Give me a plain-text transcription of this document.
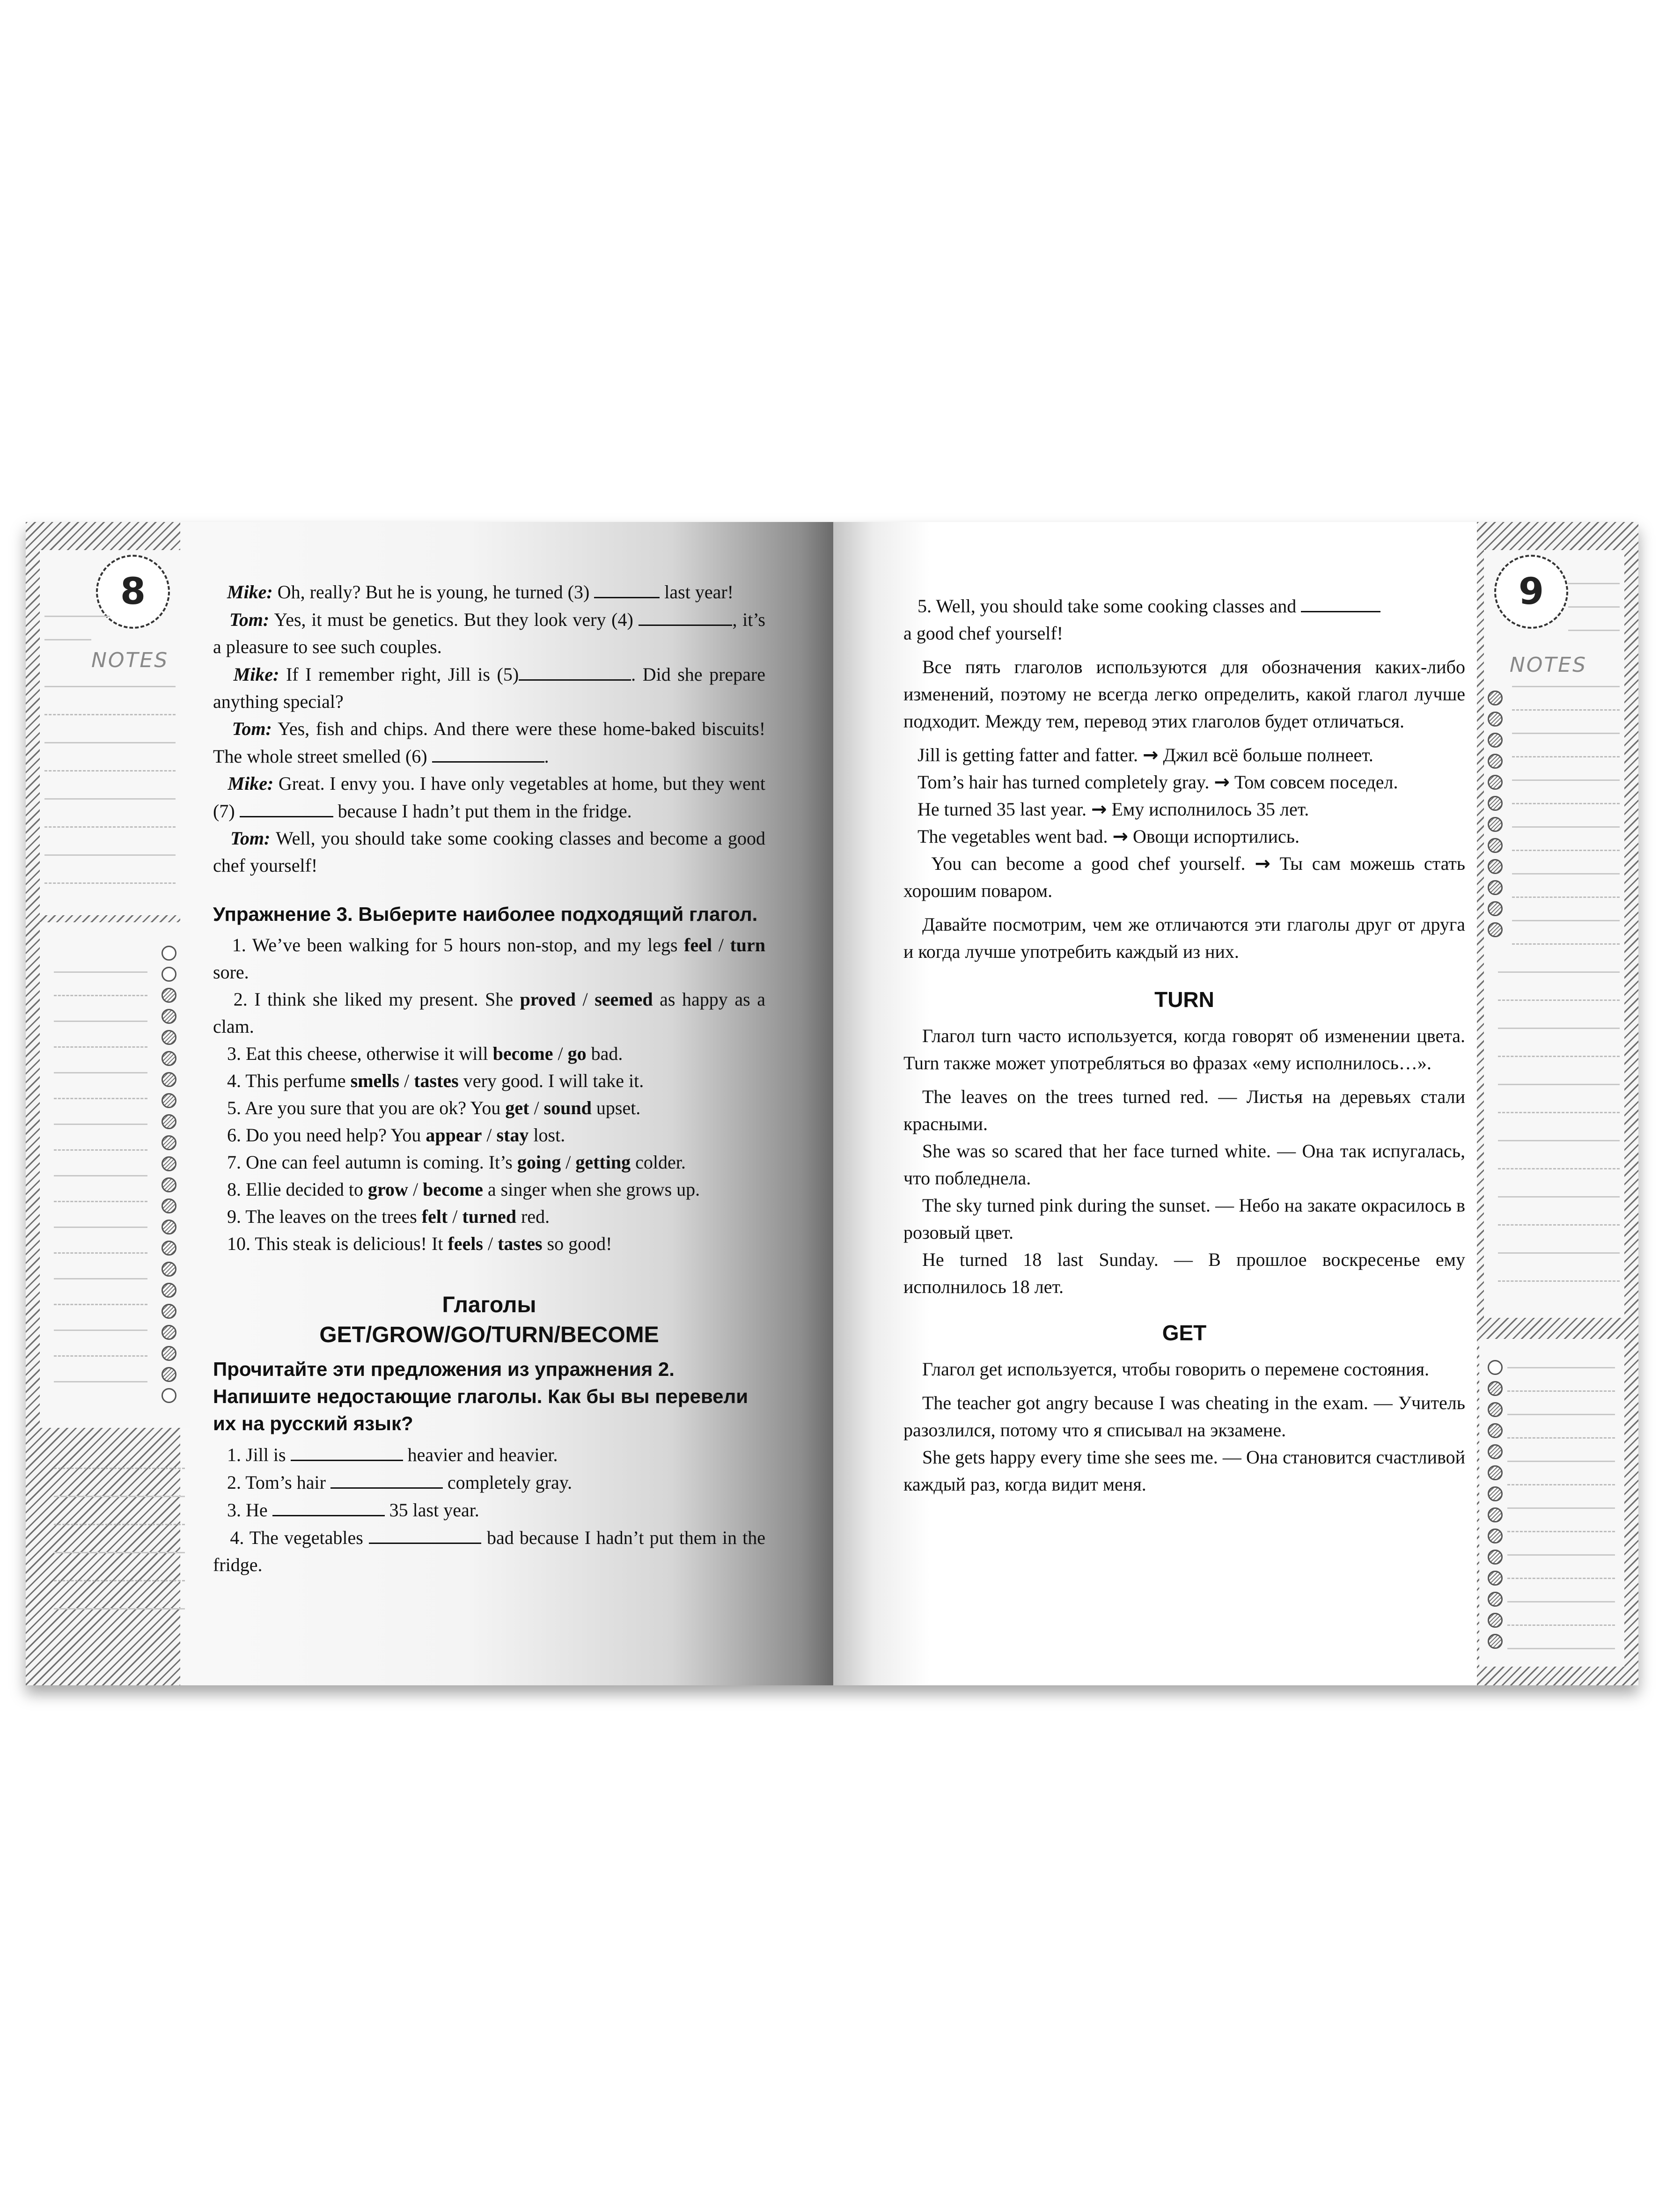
8
NOTES

Mike: Oh, really? But he is young, he turned (3)	last year!

Tom: Yes, it must be genetics. But they look very (4)	, it’s a pleasure to see such couples.

Mike: If I remember right, Jill is (5)	. Did she prepare anything special?

Tom: Yes, fish and chips. And there were these home-baked biscuits! The whole street smelled (6)	.

Mike: Great. I envy you. I have only vegetables at home, but they went (7)	because I hadn’t put them in the fridge.

Tom: Well, you should take some cooking classes and become a good chef yourself!

Упражнение 3. Выберите наиболее подходящий глагол.

1. We’ve been walking for 5 hours non-stop, and my legs feel / turn sore.

2. I think she liked my present. She proved / seemed as happy as a clam.

3. Eat this cheese, otherwise it will become / go bad.

4. This perfume smells / tastes very good. I will take it.

5. Are you sure that you are ok? You get / sound upset.

6. Do you need help? You appear / stay lost.

7. One can feel autumn is coming. It’s going / getting colder.

8. Ellie decided to grow / become a singer when she grows up.

9. The leaves on the trees felt / turned red.

10. This steak is delicious! It feels / tastes so good!

Глаголы
GET/GROW/GO/TURN/BECOME
Прочитайте эти предложения из упражнения 2. Напишите недостающие глаголы. Как бы вы перевели их на русский язык?

1. Jill is	heavier and heavier.

2. Tom’s hair	completely gray.

3. He	35 last year.

4. The vegetables	bad because I hadn’t put them in the fridge.

9
NOTES

5. Well, you should take some cooking classes and

a good chef yourself!

Все пять глаголов используются для обозначения каких-либо изменений, поэтому не всегда легко определить, какой глагол лучше подходит. Между тем, перевод этих глаголов будет отличаться.

Jill is getting fatter and fatter. → Джил всё больше полнеет.

Tom’s hair has turned completely gray. → Том совсем поседел.

He turned 35 last year. → Ему исполнилось 35 лет.

The vegetables went bad. → Овощи испортились.

You can become a good chef yourself. → Ты сам можешь стать хорошим поваром.

Давайте посмотрим, чем же отличаются эти глаголы друг от друга и когда лучше употребить каждый из них.

TURN

Глагол turn часто используется, когда говорят об изменении цвета. Turn также может употребляться во фразах «ему исполнилось…».

The leaves on the trees turned red. — Листья на деревьях стали красными.

She was so scared that her face turned white. — Она так испугалась, что побледнела.

The sky turned pink during the sunset. — Небо на закате окрасилось в розовый цвет.

He turned 18 last Sunday. — В прошлое воскресенье ему исполнилось 18 лет.

GET

Глагол get используется, чтобы говорить о перемене состояния.

The teacher got angry because I was cheating in the exam. — Учитель разозлился, потому что я списывал на экзамене.

She gets happy every time she sees me. — Она становится счастливой каждый раз, когда видит меня.
